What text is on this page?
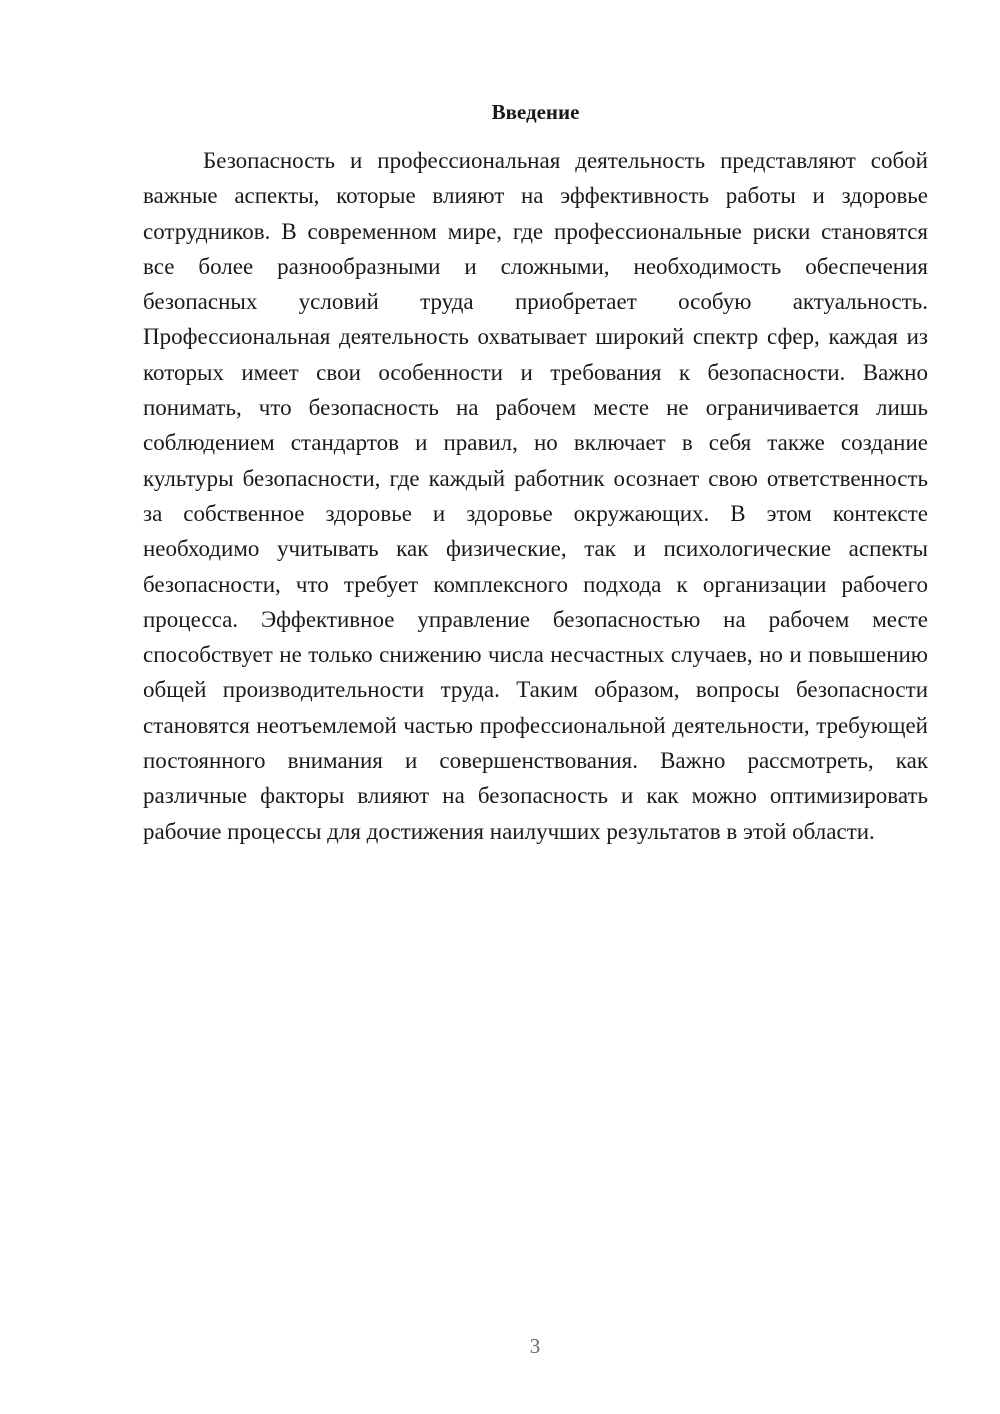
Введение

Безопасность и профессиональная деятельность представляют собой важные аспекты, которые влияют на эффективность работы и здоровье сотрудников. В современном мире, где профессиональные риски становятся все более разнообразными и сложными, необходимость обеспечения безопасных условий труда приобретает особую актуальность. Профессиональная деятельность охватывает широкий спектр сфер, каждая из которых имеет свои особенности и требования к безопасности. Важно понимать, что безопасность на рабочем месте не ограничивается лишь соблюдением стандартов и правил, но включает в себя также создание культуры безопасности, где каждый работник осознает свою ответственность за собственное здоровье и здоровье окружающих. В этом контексте необходимо учитывать как физические, так и психологические аспекты безопасности, что требует комплексного подхода к организации рабочего процесса. Эффективное управление безопасностью на рабочем месте способствует не только снижению числа несчастных случаев, но и повышению общей производительности труда. Таким образом, вопросы безопасности становятся неотъемлемой частью профессиональной деятельности, требующей постоянного внимания и совершенствования. Важно рассмотреть, как различные факторы влияют на безопасность и как можно оптимизировать рабочие процессы для достижения наилучших результатов в этой области.

3
